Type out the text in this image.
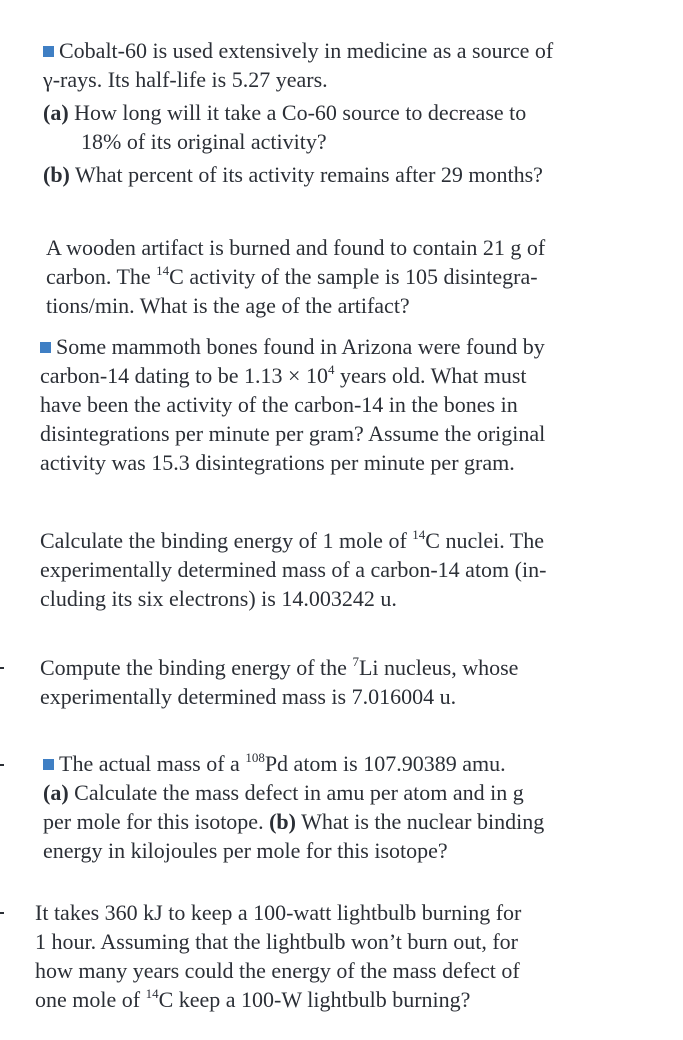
Cobalt-60 is used extensively in medicine as a source of
γ-rays. Its half-life is 5.27 years.
(a) How long will it take a Co-60 source to decrease to
18% of its original activity?
(b) What percent of its activity remains after 29 months?
A wooden artifact is burned and found to contain 21 g of
carbon. The $^{14}$C activity of the sample is 105 disintegra-
tions/min. What is the age of the artifact?
Some mammoth bones found in Arizona were found by
carbon-14 dating to be $1.13 \times 10^4$ years old. What must
have been the activity of the carbon-14 in the bones in
disintegrations per minute per gram? Assume the original
activity was 15.3 disintegrations per minute per gram.
Calculate the binding energy of 1 mole of $^{14}$C nuclei. The
experimentally determined mass of a carbon-14 atom (in-
cluding its six electrons) is 14.003242 u.
Compute the binding energy of the $^7$Li nucleus, whose
experimentally determined mass is 7.016004 u.
The actual mass of a $^{108}$Pd atom is 107.90389 amu.
(a) Calculate the mass defect in amu per atom and in g
per mole for this isotope. (b) What is the nuclear binding
energy in kilojoules per mole for this isotope?
It takes 360 kJ to keep a 100-watt lightbulb burning for
1 hour. Assuming that the lightbulb won’t burn out, for
how many years could the energy of the mass defect of
one mole of $^{14}$C keep a 100-W lightbulb burning?
